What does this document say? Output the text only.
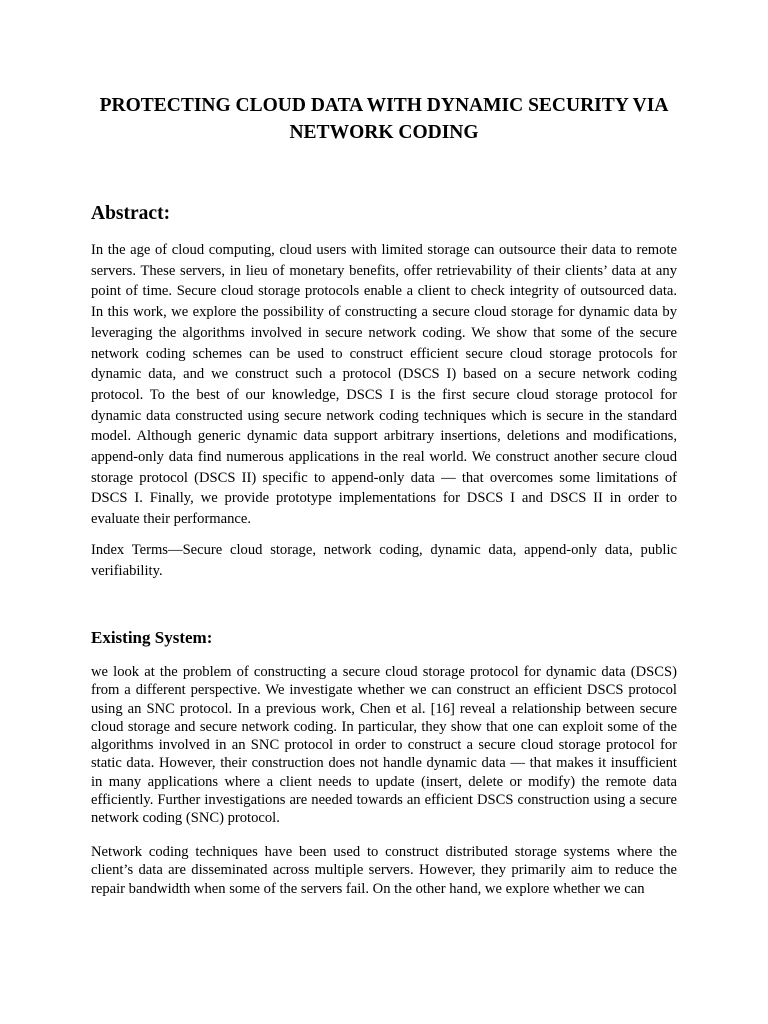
PROTECTING CLOUD DATA WITH DYNAMIC SECURITY VIA NETWORK CODING
Abstract:

In the age of cloud computing, cloud users with limited storage can outsource their data to remote servers. These servers, in lieu of monetary benefits, offer retrievability of their clients’ data at any point of time. Secure cloud storage protocols enable a client to check integrity of outsourced data. In this work, we explore the possibility of constructing a secure cloud storage for dynamic data by leveraging the algorithms involved in secure network coding. We show that some of the secure network coding schemes can be used to construct efficient secure cloud storage protocols for dynamic data, and we construct such a protocol (DSCS I) based on a secure network coding protocol. To the best of our knowledge, DSCS I is the first secure cloud storage protocol for dynamic data constructed using secure network coding techniques which is secure in the standard model. Although generic dynamic data support arbitrary insertions, deletions and modifications, append-only data find numerous applications in the real world. We construct another secure cloud storage protocol (DSCS II) specific to append-only data — that overcomes some limitations of DSCS I. Finally, we provide prototype implementations for DSCS I and DSCS II in order to evaluate their performance.

Index Terms—Secure cloud storage, network coding, dynamic data, append-only data, public verifiability.

Existing System:

we look at the problem of constructing a secure cloud storage protocol for dynamic data (DSCS) from a different perspective. We investigate whether we can construct an efficient DSCS protocol using an SNC protocol. In a previous work, Chen et al. [16] reveal a relationship between secure cloud storage and secure network coding. In particular, they show that one can exploit some of the algorithms involved in an SNC protocol in order to construct a secure cloud storage protocol for static data. However, their construction does not handle dynamic data — that makes it insufficient in many applications where a client needs to update (insert, delete or modify) the remote data efficiently. Further investigations are needed towards an efficient DSCS construction using a secure network coding (SNC) protocol.

Network coding techniques have been used to construct distributed storage systems where the client’s data are disseminated across multiple servers. However, they primarily aim to reduce the repair bandwidth when some of the servers fail. On the other hand, we explore whether we can
